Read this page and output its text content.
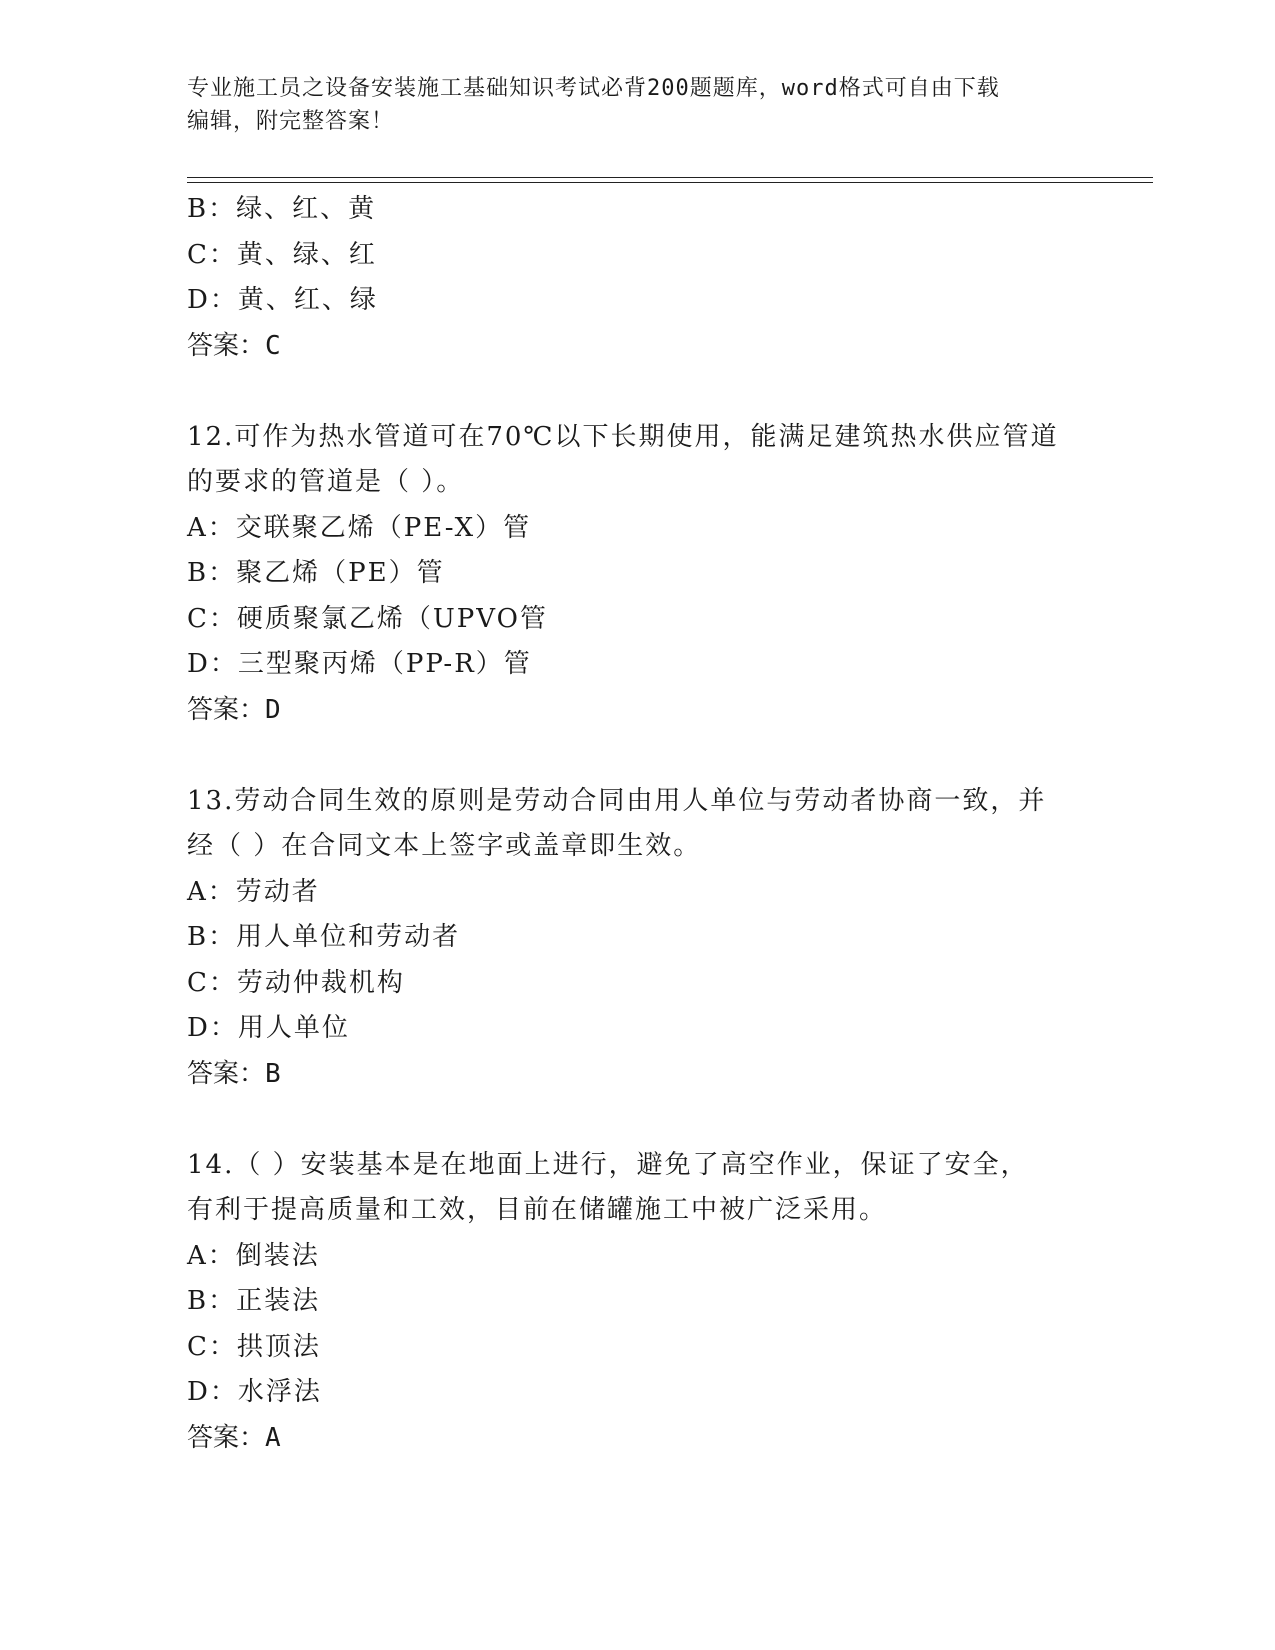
专业施工员之设备安装施工基础知识考试必背200题题库，word格式可自由下载
编辑，附完整答案！
B：绿、红、黄
C：黄、绿、红
D：黄、红、绿
答案：C
12.可作为热水管道可在70℃以下长期使用，能满足建筑热水供应管道
的要求的管道是（ ）。
A：交联聚乙烯（PE-X）管
B：聚乙烯（PE）管
C：硬质聚氯乙烯（UPVO管
D：三型聚丙烯（PP-R）管
答案：D
13.劳动合同生效的原则是劳动合同由用人单位与劳动者协商一致，并
经（ ）在合同文本上签字或盖章即生效。
A：劳动者
B：用人单位和劳动者
C：劳动仲裁机构
D：用人单位
答案：B
14.（ ）安装基本是在地面上进行，避免了高空作业，保证了安全，
有利于提高质量和工效，目前在储罐施工中被广泛采用。
A：倒装法
B：正装法
C：拱顶法
D：水浮法
答案：A
